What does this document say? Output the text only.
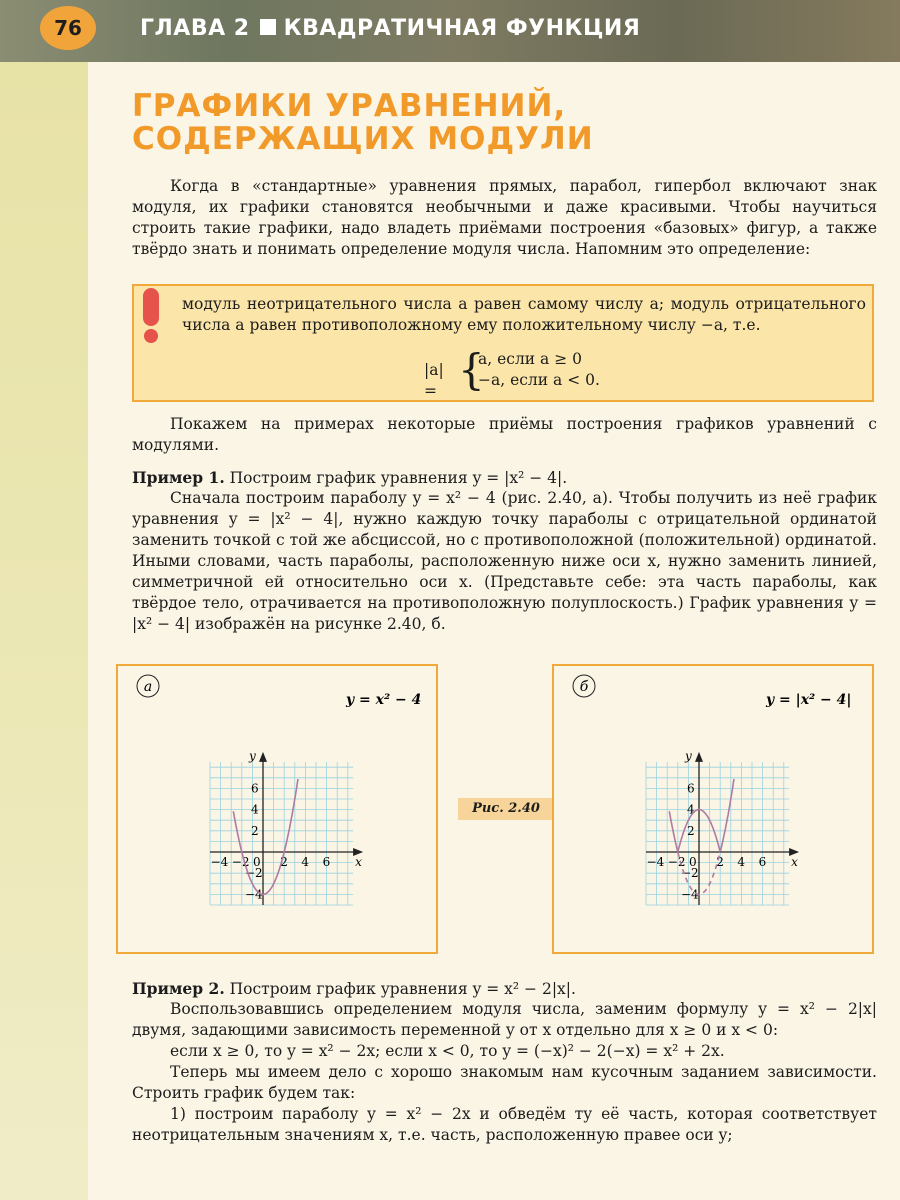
76	ГЛАВА 2 КВАДРАТИЧНАЯ ФУНКЦИЯ
ГРАФИКИ УРАВНЕНИЙ, СОДЕРЖАЩИХ МОДУЛИ
Когда в «стандартные» уравнения прямых, парабол, гипербол включают знак модуля, их графики становятся необычными и даже красивыми. Чтобы научиться строить такие графики, надо владеть приёмами построения «базовых» фигур, а также твёрдо знать и понимать определение модуля числа. Напомним это определение:
модуль неотрицательного числа a равен самому числу a; модуль отрицательного числа a равен противоположному ему положительному числу −a, т.е.
|a| = {
a, если a ≥ 0
−a, если a < 0.
Покажем на примерах некоторые приёмы построения графиков уравнений с модулями.
Пример 1. Построим график уравнения y = |x² − 4|.
Сначала построим параболу y = x² − 4 (рис. 2.40, а). Чтобы получить из неё график уравнения y = |x² − 4|, нужно каждую точку параболы с отрицательной ординатой заменить точкой с той же абсциссой, но с противоположной (положительной) ординатой. Иными словами, часть параболы, расположенную ниже оси x, нужно заменить линией, симметричной ей относительно оси x. (Представьте себе: эта часть параболы, как твёрдое тело, отрачивается на противоположную полуплоскость.) График уравнения y = |x² − 4| изображён на рисунке 2.40, б.
−4 −2 0 2 4 6
6
4
2
−2
−4
x
y
а
y = x² − 4
Рис. 2.40
−4 −2 0 2 4 6
6
4
2
−2
−4
x
y
б
y = |x² − 4|
Пример 2. Построим график уравнения y = x² − 2|x|.
Воспользовавшись определением модуля числа, заменим формулу y = x² − 2|x| двумя, задающими зависимость переменной y от x отдельно для x ≥ 0 и x < 0:
если x ≥ 0, то y = x² − 2x; если x < 0, то y = (−x)² − 2(−x) = x² + 2x.
Теперь мы имеем дело с хорошо знакомым нам кусочным заданием зависимости. Строить график будем так:
1) построим параболу y = x² − 2x и обведём ту её часть, которая соответствует неотрицательным значениям x, т.е. часть, расположенную правее оси y;
